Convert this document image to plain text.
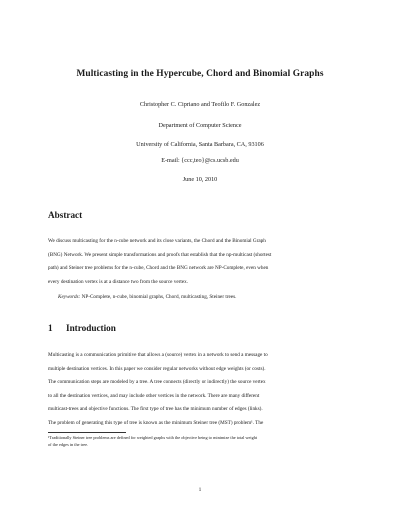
Multicasting in the Hypercube, Chord and Binomial Graphs
Christopher C. Cipriano and Teofilo F. Gonzalez
Department of Computer Science
University of California, Santa Barbara, CA, 93106
E-mail: {ccc,teo}@cs.ucsb.edu
June 10, 2010
Abstract
We discuss multicasting for the n-cube network and its close variants, the Chord and the Binomial Graph
(BNG) Network. We present simple transformations and proofs that establish that the np-multicast (shortest
path) and Steiner tree problems for the n-cube, Chord and the BNG network are NP-Complete, even when
every destination vertex is at a distance two from the source vertex.
Keywords: NP-Complete, n-cube, binomial graphs, Chord, multicasting, Steiner trees.
1 Introduction
Multicasting is a communication primitive that allows a (source) vertex in a network to send a message to
multiple destination vertices. In this paper we consider regular networks without edge weights (or costs).
The communication steps are modeled by a tree. A tree connects (directly or indirectly) the source vertex
to all the destination vertices, and may include other vertices in the network. There are many different
multicast-trees and objective functions. The first type of tree has the minimum number of edges (links).
The problem of generating this type of tree is known as the minimum Steiner tree (MST) problem¹. The
¹Traditionally Steiner tree problems are defined for weighted graphs with the objective being to minimize the total weight
of the edges in the tree.
1
